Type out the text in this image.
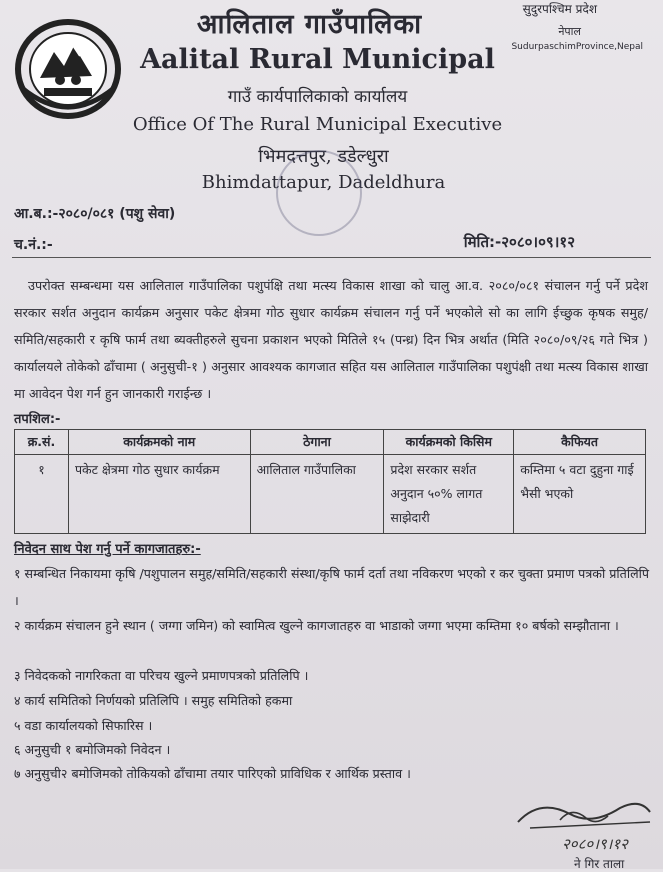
आलिताल गाउँपालिका
Aalital Rural Municipal
गाउँ कार्यपालिकाको कार्यालय
Office Of The Rural Municipal Executive
भिमदत्तपुर, डडेल्धुरा
Bhimdattapur, Dadeldhura
सुदुरपश्चिम प्रदेश
नेपाल
SudurpaschimProvince,Nepal
आ.ब.:-२०८०/०८१ (पशु सेवा)
च.नं.:-	मिति:-२०८०।०९।१२
उपरोक्त सम्बन्धमा यस आलिताल गाउँपालिका पशुपंक्षि तथा मत्स्य विकास शाखा को चालु आ.व. २०८०/०८१ संचालन गर्नु पर्ने प्रदेश सरकार सर्शत अनुदान कार्यक्रम अनुसार पकेट क्षेत्रमा गोठ सुधार कार्यक्रम संचालन गर्नु पर्ने भएकोले सो का लागि ईच्छुक कृषक समुह/ समिति/सहकारी र कृषि फार्म तथा ब्यक्तीहरुले सुचना प्रकाशन भएको मितिले १५ (पन्ध्र) दिन भित्र अर्थात (मिति २०८०/०९/२६ गते भित्र ) कार्यालयले तोकेको ढाँचामा ( अनुसुची-१ ) अनुसार आवश्यक कागजात सहित यस आलिताल गाउँपालिका पशुपंक्षी तथा मत्स्य विकास शाखा मा आवेदन पेश गर्न हुन जानकारी गराईन्छ ।
तपशिल:-
क्र.सं.	कार्यक्रमको नाम	ठेगाना	कार्यक्रमको किसिम	कैफियत
१	पकेट क्षेत्रमा गोठ सुधार कार्यक्रम	आलिताल गाउँपालिका	प्रदेश सरकार सर्शत अनुदान ५०% लागत साझेदारी	कम्तिमा ५ वटा दुहुना गाई भैसी भएको
निवेदन साथ पेश गर्नु पर्ने कागजातहरु:-
१ सम्बन्धित निकायमा कृषि /पशुपालन समुह/समिति/सहकारी संस्था/कृषि फार्म दर्ता तथा नविकरण भएको र कर चुक्ता प्रमाण पत्रको प्रतिलिपि ।
२ कार्यक्रम संचालन हुने स्थान ( जग्गा जमिन) को स्वामित्व खुल्ने कागजातहरु वा भाडाको जग्गा भएमा कम्तिमा १० बर्षको सम्झौताना ।
३ निवेदकको नागरिकता वा परिचय खुल्ने प्रमाणपत्रको प्रतिलिपि ।
४ कार्य समितिको निर्णयको प्रतिलिपि । समुह समितिको हकमा
५ वडा कार्यालयको सिफारिस ।
६ अनुसुची १ बमोजिमको निवेदन ।
७ अनुसुची२ बमोजिमको तोकियको ढाँचामा तयार पारिएको प्राविधिक र आर्थिक प्रस्ताव ।
२०८०।९।१२
ने गिर ताला
